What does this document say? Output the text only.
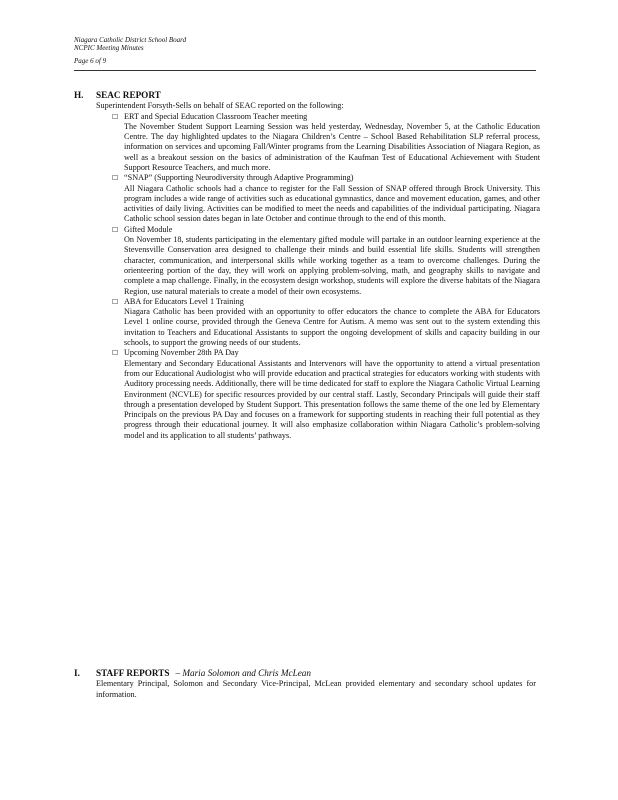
Niagara Catholic District School Board
NCPIC Meeting Minutes
Page 6 of 9
H.	SEAC REPORT
Superintendent Forsyth-Sells on behalf of SEAC reported on the following:
☐ ERT and Special Education Classroom Teacher meeting
The November Student Support Learning Session was held yesterday, Wednesday, November 5, at the Catholic Education Centre. The day highlighted updates to the Niagara Children’s Centre – School Based Rehabilitation SLP referral process, information on services and upcoming Fall/Winter programs from the Learning Disabilities Association of Niagara Region, as well as a breakout session on the basics of administration of the Kaufman Test of Educational Achievement with Student Support Resource Teachers, and much more.
☐ “SNAP” (Supporting Neurodiversity through Adaptive Programming)
All Niagara Catholic schools had a chance to register for the Fall Session of SNAP offered through Brock University. This program includes a wide range of activities such as educational gymnastics, dance and movement education, games, and other activities of daily living. Activities can be modified to meet the needs and capabilities of the individual participating. Niagara Catholic school session dates began in late October and continue through to the end of this month.
☐ Gifted Module
On November 18, students participating in the elementary gifted module will partake in an outdoor learning experience at the Stevensville Conservation area designed to challenge their minds and build essential life skills. Students will strengthen character, communication, and interpersonal skills while working together as a team to overcome challenges. During the orienteering portion of the day, they will work on applying problem-solving, math, and geography skills to navigate and complete a map challenge. Finally, in the ecosystem design workshop, students will explore the diverse habitats of the Niagara Region, use natural materials to create a model of their own ecosystems.
☐ ABA for Educators Level 1 Training
Niagara Catholic has been provided with an opportunity to offer educators the chance to complete the ABA for Educators Level 1 online course, provided through the Geneva Centre for Autism. A memo was sent out to the system extending this invitation to Teachers and Educational Assistants to support the ongoing development of skills and capacity building in our schools, to support the growing needs of our students.
☐ Upcoming November 28th PA Day
Elementary and Secondary Educational Assistants and Intervenors will have the opportunity to attend a virtual presentation from our Educational Audiologist who will provide education and practical strategies for educators working with students with Auditory processing needs. Additionally, there will be time dedicated for staff to explore the Niagara Catholic Virtual Learning Environment (NCVLE) for specific resources provided by our central staff. Lastly, Secondary Principals will guide their staff through a presentation developed by Student Support. This presentation follows the same theme of the one led by Elementary Principals on the previous PA Day and focuses on a framework for supporting students in reaching their full potential as they progress through their educational journey. It will also emphasize collaboration within Niagara Catholic’s problem-solving model and its application to all students’ pathways.
I.	STAFF REPORTS – Maria Solomon and Chris McLean
Elementary Principal, Solomon and Secondary Vice-Principal, McLean provided elementary and secondary school updates for information.
